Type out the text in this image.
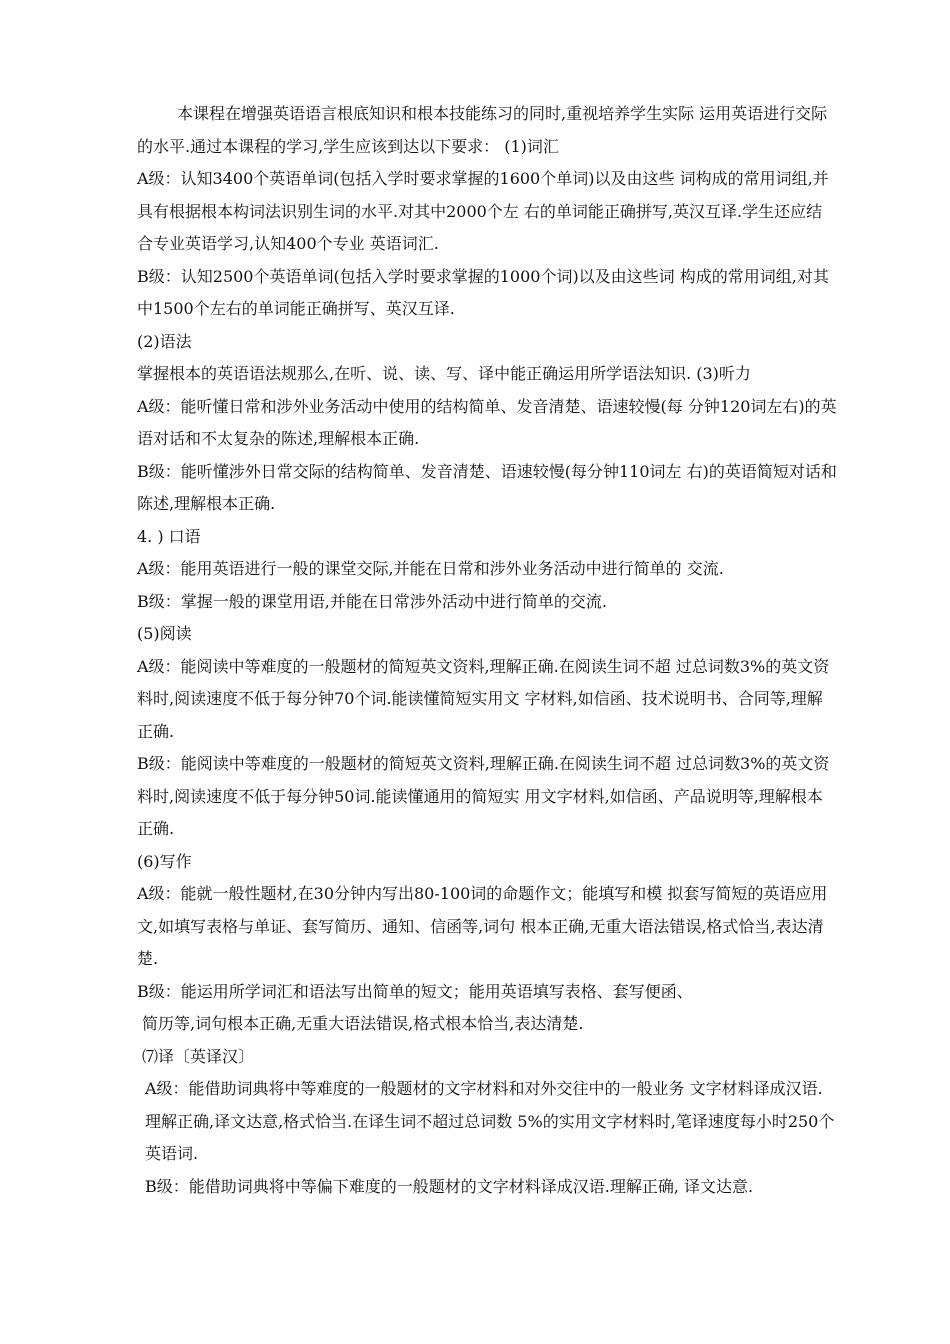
本课程在增强英语语言根底知识和根本技能练习的同时,重视培养学生实际 运用英语进行交际的水平.通过本课程的学习,学生应该到达以下要求： (1)词汇

A级：认知3400个英语单词(包括入学时要求掌握的1600个单词)以及由这些 词构成的常用词组,并具有根据根本构词法识别生词的水平.对其中2000个左 右的单词能正确拼写,英汉互译.学生还应结合专业英语学习,认知400个专业 英语词汇.

B级：认知2500个英语单词(包括入学时要求掌握的1000个词)以及由这些词 构成的常用词组,对其中1500个左右的单词能正确拼写、英汉互译.

(2)语法

掌握根本的英语语法规那么,在听、说、读、写、译中能正确运用所学语法知识. (3)听力

A级：能听懂日常和涉外业务活动中使用的结构简单、发音清楚、语速较慢(每 分钟120词左右)的英语对话和不太复杂的陈述,理解根本正确.

B级：能听懂涉外日常交际的结构简单、发音清楚、语速较慢(每分钟110词左 右)的英语简短对话和陈述,理解根本正确.

4. ) 口语

A级：能用英语进行一般的课堂交际,并能在日常和涉外业务活动中进行简单的 交流.

B级：掌握一般的课堂用语,并能在日常涉外活动中进行简单的交流.

(5)阅读

A级：能阅读中等难度的一般题材的简短英文资料,理解正确.在阅读生词不超 过总词数3%的英文资料时,阅读速度不低于每分钟70个词.能读懂简短实用文 字材料,如信函、技术说明书、合同等,理解正确.

B级：能阅读中等难度的一般题材的简短英文资料,理解正确.在阅读生词不超 过总词数3%的英文资料时,阅读速度不低于每分钟50词.能读懂通用的简短实 用文字材料,如信函、产品说明等,理解根本正确.

(6)写作

A级：能就一般性题材,在30分钟内写出80-100词的命题作文；能填写和模 拟套写简短的英语应用文,如填写表格与单证、套写简历、通知、信函等,词句 根本正确,无重大语法错误,格式恰当,表达清楚.

B级：能运用所学词汇和语法写出简单的短文；能用英语填写表格、套写便函、

简历等,词句根本正确,无重大语法错误,格式根本恰当,表达清楚.

⑺译〔英译汉〕

A级：能借助词典将中等难度的一般题材的文字材料和对外交往中的一般业务 文字材料译成汉语.理解正确,译文达意,格式恰当.在译生词不超过总词数 5%的实用文字材料时,笔译速度每小时250个英语词.

B级：能借助词典将中等偏下难度的一般题材的文字材料译成汉语.理解正确, 译文达意.
